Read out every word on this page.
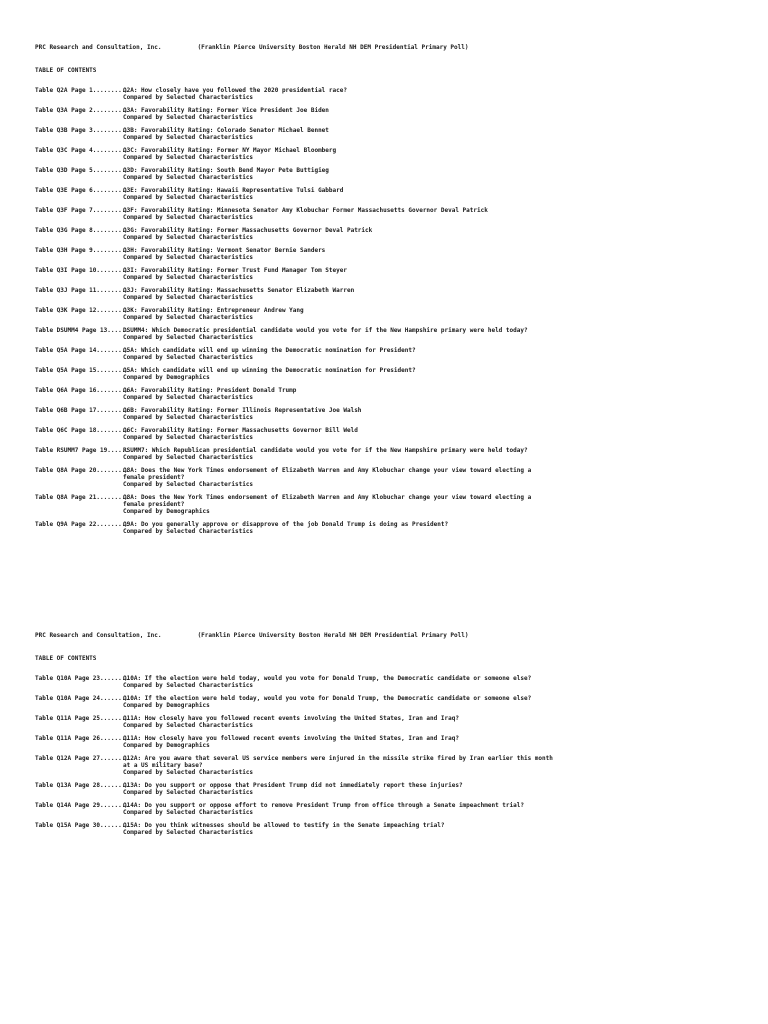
PRC Research and Consultation, Inc.	(Franklin Pierce University Boston Herald NH DEM Presidential Primary Poll)
TABLE OF CONTENTS
Table Q2A Page 1..........
Q2A: How closely have you followed the 2020 presidential race?
Compared by Selected Characteristics
Table Q3A Page 2..........
Q3A: Favorability Rating: Former Vice President Joe Biden
Compared by Selected Characteristics
Table Q3B Page 3..........
Q3B: Favorability Rating: Colorado Senator Michael Bennet
Compared by Selected Characteristics
Table Q3C Page 4..........
Q3C: Favorability Rating: Former NY Mayor Michael Bloomberg
Compared by Selected Characteristics
Table Q3D Page 5..........
Q3D: Favorability Rating: South Bend Mayor Pete Buttigieg
Compared by Selected Characteristics
Table Q3E Page 6..........
Q3E: Favorability Rating: Hawaii Representative Tulsi Gabbard
Compared by Selected Characteristics
Table Q3F Page 7..........
Q3F: Favorability Rating: Minnesota Senator Amy Klobuchar Former Massachusetts Governor Deval Patrick
Compared by Selected Characteristics
Table Q3G Page 8..........
Q3G: Favorability Rating: Former Massachusetts Governor Deval Patrick
Compared by Selected Characteristics
Table Q3H Page 9..........
Q3H: Favorability Rating: Vermont Senator Bernie Sanders
Compared by Selected Characteristics
Table Q3I Page 10.........
Q3I: Favorability Rating: Former Trust Fund Manager Tom Steyer
Compared by Selected Characteristics
Table Q3J Page 11.........
Q3J: Favorability Rating: Massachusetts Senator Elizabeth Warren
Compared by Selected Characteristics
Table Q3K Page 12.........
Q3K: Favorability Rating: Entrepreneur Andrew Yang
Compared by Selected Characteristics
Table DSUMM4 Page 13......
DSUMM4: Which Democratic presidential candidate would you vote for if the New Hampshire primary were held today?
Compared by Selected Characteristics
Table Q5A Page 14.........
Q5A: Which candidate will end up winning the Democratic nomination for President?
Compared by Selected Characteristics
Table Q5A Page 15.........
Q5A: Which candidate will end up winning the Democratic nomination for President?
Compared by Demographics
Table Q6A Page 16.........
Q6A: Favorability Rating: President Donald Trump
Compared by Selected Characteristics
Table Q6B Page 17.........
Q6B: Favorability Rating: Former Illinois Representative Joe Walsh
Compared by Selected Characteristics
Table Q6C Page 18.........
Q6C: Favorability Rating: Former Massachusetts Governor Bill Weld
Compared by Selected Characteristics
Table RSUMM7 Page 19......
RSUMM7: Which Republican presidential candidate would you vote for if the New Hampshire primary were held today?
Compared by Selected Characteristics
Table Q8A Page 20.........
Q8A: Does the New York Times endorsement of Elizabeth Warren and Amy Klobuchar change your view toward electing a female president?
Compared by Selected Characteristics
Table Q8A Page 21.........
Q8A: Does the New York Times endorsement of Elizabeth Warren and Amy Klobuchar change your view toward electing a female president?
Compared by Demographics
Table Q9A Page 22.........
Q9A: Do you generally approve or disapprove of the job Donald Trump is doing as President?
Compared by Selected Characteristics
PRC Research and Consultation, Inc.	(Franklin Pierce University Boston Herald NH DEM Presidential Primary Poll)
TABLE OF CONTENTS
Table Q10A Page 23........
Q10A: If the election were held today, would you vote for Donald Trump, the Democratic candidate or someone else?
Compared by Selected Characteristics
Table Q10A Page 24........
Q10A: If the election were held today, would you vote for Donald Trump, the Democratic candidate or someone else?
Compared by Demographics
Table Q11A Page 25........
Q11A: How closely have you followed recent events involving the United States, Iran and Iraq?
Compared by Selected Characteristics
Table Q11A Page 26........
Q11A: How closely have you followed recent events involving the United States, Iran and Iraq?
Compared by Demographics
Table Q12A Page 27........
Q12A: Are you aware that several US service members were injured in the missile strike fired by Iran earlier this month at a US military base?
Compared by Selected Characteristics
Table Q13A Page 28........
Q13A: Do you support or oppose that President Trump did not immediately report these injuries?
Compared by Selected Characteristics
Table Q14A Page 29........
Q14A: Do you support or oppose effort to remove President Trump from office through a Senate impeachment trial?
Compared by Selected Characteristics
Table Q15A Page 30........
Q15A: Do you think witnesses should be allowed to testify in the Senate impeaching trial?
Compared by Selected Characteristics
